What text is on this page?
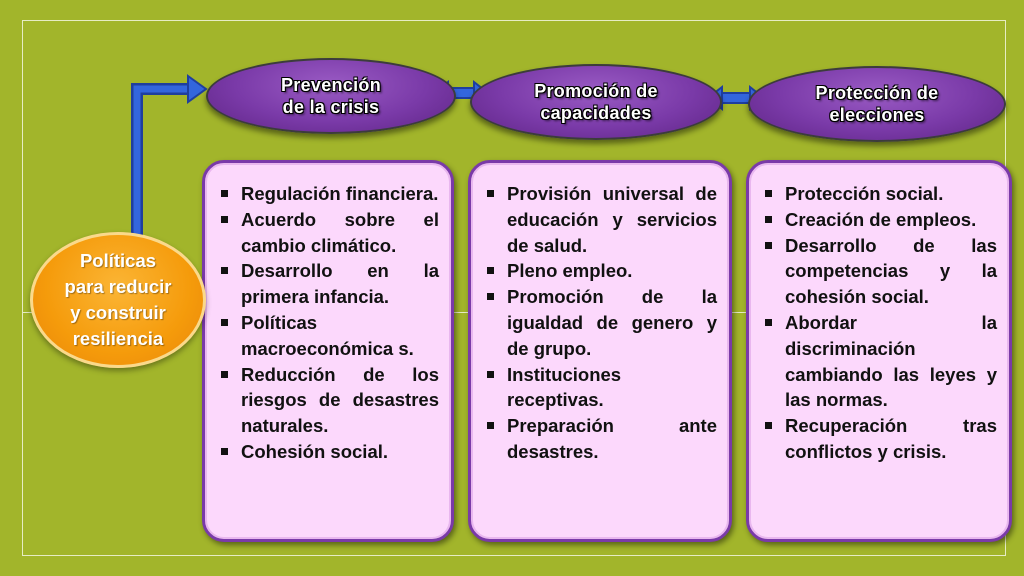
Prevención
de la crisis
Promoción de
capacidades
Protección de
elecciones
Regulación financiera.
Acuerdo sobre el cambio climático.
Desarrollo en la primera infancia.
Políticas macroeconómica s.
Reducción de los riesgos de desastres naturales.
Cohesión social.
Provisión universal de educación y servicios de salud.
Pleno empleo.
Promoción de la igualdad de genero y de grupo.
Instituciones receptivas.
Preparación ante desastres.
Protección social.
Creación de empleos.
Desarrollo de las competencias y la cohesión social.
Abordar la discriminación cambiando las leyes y las normas.
Recuperación tras conflictos y crisis.
Políticas
para reducir
y construir
resiliencia
